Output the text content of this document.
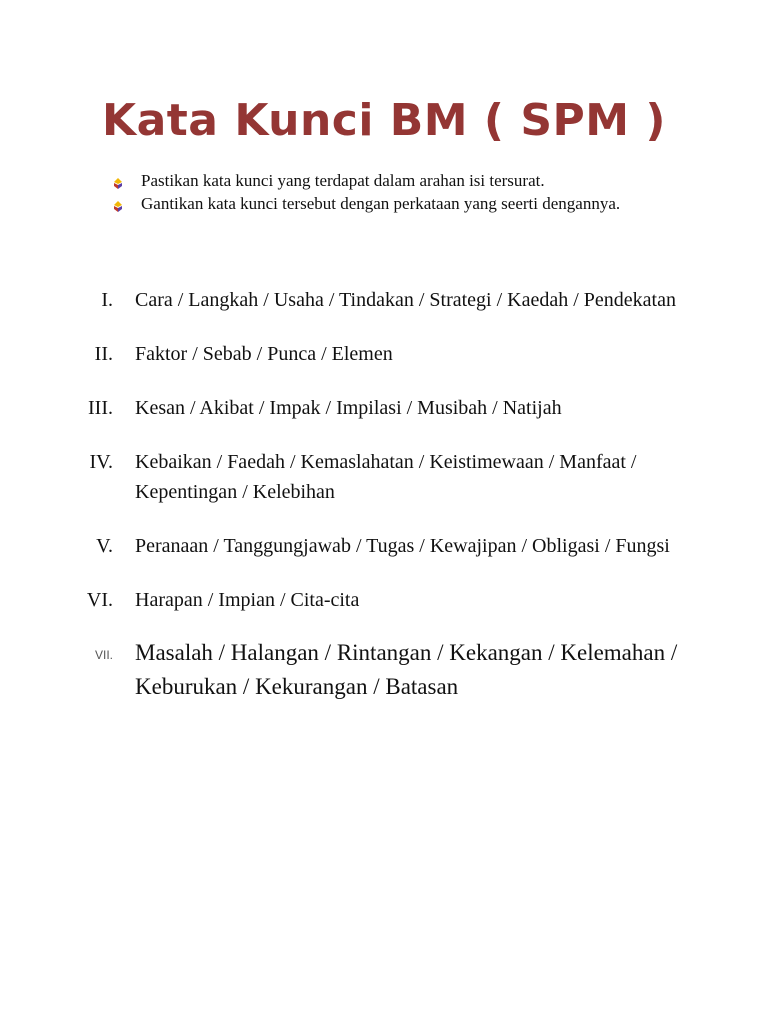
Kata Kunci BM ( SPM )
Pastikan kata kunci yang terdapat dalam arahan isi tersurat.
Gantikan kata kunci tersebut dengan perkataan yang seerti dengannya.
I. Cara / Langkah / Usaha / Tindakan / Strategi / Kaedah / Pendekatan
II. Faktor / Sebab / Punca / Elemen
III. Kesan / Akibat / Impak / Impilasi / Musibah / Natijah
IV. Kebaikan / Faedah / Kemaslahatan / Keistimewaan / Manfaat / Kepentingan / Kelebihan
V. Peranaan / Tanggungjawab / Tugas / Kewajipan / Obligasi / Fungsi
VI. Harapan / Impian / Cita-cita
VII. Masalah / Halangan / Rintangan / Kekangan / Kelemahan / Keburukan / Kekurangan / Batasan
